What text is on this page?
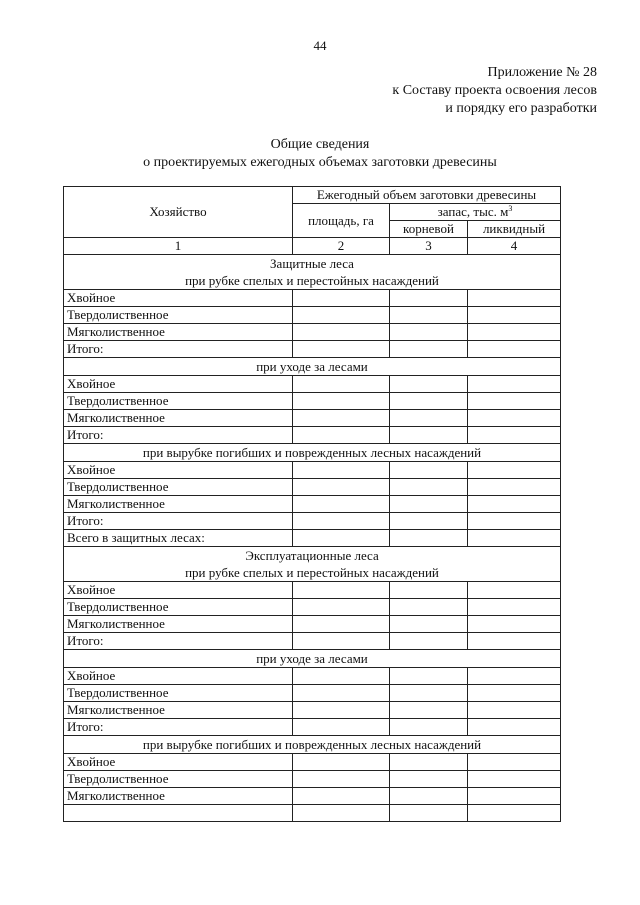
44
Приложение № 28
к Составу проекта освоения лесов
и порядку его разработки
Общие сведения
о проектируемых ежегодных объемах заготовки древесины
Хозяйство	Ежегодный объем заготовки древесины		
	площадь, га	запас, тыс. $м^3$
		корневой	ликвидный
1	2	3	4

Защитные леса
при рубке спелых и перестойных насаждений			

Хвойное			
Твердолиственное			
Мягколиственное			
Итого:			

при уходе за лесами			

Хвойное			
Твердолиственное			
Мягколиственное			
Итого:			

при вырубке погибших и поврежденных лесных насаждений			

Хвойное			
Твердолиственное			
Мягколиственное			
Итого:			
Всего в защитных лесах:			

Эксплуатационные леса
при рубке спелых и перестойных насаждений			

Хвойное			
Твердолиственное			
Мягколиственное			
Итого:			

при уходе за лесами			

Хвойное			
Твердолиственное			
Мягколиственное			
Итого:			

при вырубке погибших и поврежденных лесных насаждений			

Хвойное			
Твердолиственное			
Мягколиственное			
